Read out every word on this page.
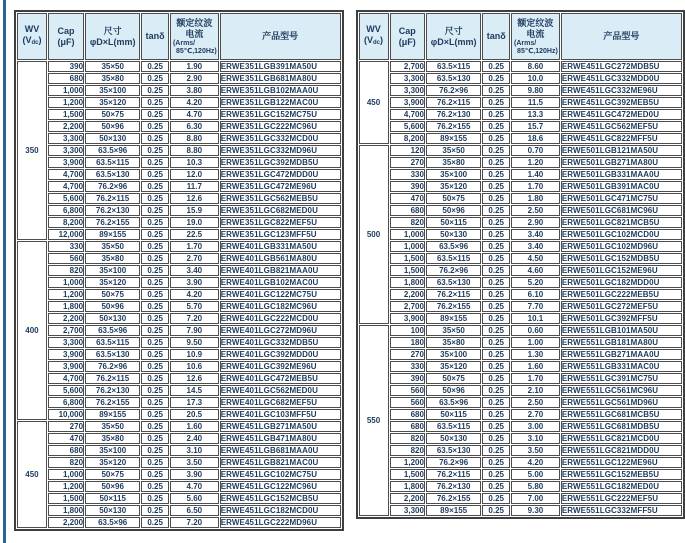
WV
$(V_{dc})$

Cap
(μF)

尺寸
φD×L(mm)

tanδ

额定纹波
电流
(Arms/
85℃,120Hz)

产品型号

350	390	35×50	0.25	1.90	ERWE351LGB391MA50U
	680	35×80	0.25	2.90	ERWE351LGB681MA80U
	1,000	35×100	0.25	3.80	ERWE351LGB102MAA0U
	1,200	35×120	0.25	4.20	ERWE351LGB122MAC0U
	1,500	50×75	0.25	4.70	ERWE351LGC152MC75U
	2,200	50×96	0.25	6.30	ERWE351LGC222MC96U
	3,300	50×130	0.25	8.80	ERWE351LGC332MCD0U
	3,300	63.5×96	0.25	8.80	ERWE351LGC332MD96U
	3,900	63.5×115	0.25	10.3	ERWE351LGC392MDB5U
	4,700	63.5×130	0.25	12.0	ERWE351LGC472MDD0U
	4,700	76.2×96	0.25	11.7	ERWE351LGC472ME96U
	5,600	76.2×115	0.25	12.6	ERWE351LGC562MEB5U
	6,800	76.2×130	0.25	15.9	ERWE351LGC682MED0U
	8,200	76.2×155	0.25	19.0	ERWE351LGC822MEF5U
	12,000	89×155	0.25	22.5	ERWE351LGC123MFF5U
400	330	35×50	0.25	1.70	ERWE401LGB331MA50U
	560	35×80	0.25	2.70	ERWE401LGB561MA80U
	820	35×100	0.25	3.40	ERWE401LGB821MAA0U
	1,000	35×120	0.25	3.90	ERWE401LGB102MAC0U
	1,200	50×75	0.25	4.20	ERWE401LGC122MC75U
	1,800	50×96	0.25	5.70	ERWE401LGC182MC96U
	2,200	50×130	0.25	7.20	ERWE401LGC222MCD0U
	2,700	63.5×96	0.25	7.90	ERWE401LGC272MD96U
	3,300	63.5×115	0.25	9.50	ERWE401LGC332MDB5U
	3,900	63.5×130	0.25	10.9	ERWE401LGC392MDD0U
	3,900	76.2×96	0.25	10.6	ERWE401LGC392ME96U
	4,700	76.2×115	0.25	12.6	ERWE401LGC472MEB5U
	5,600	76.2×130	0.25	14.5	ERWE401LGC562MED0U
	6,800	76.2×155	0.25	17.3	ERWE401LGC682MEF5U
	10,000	89×155	0.25	20.5	ERWE401LGC103MFF5U
450	270	35×50	0.25	1.60	ERWE451LGB271MA50U
	470	35×80	0.25	2.40	ERWE451LGB471MA80U
	680	35×100	0.25	3.10	ERWE451LGB681MAA0U
	820	35×120	0.25	3.50	ERWE451LGB821MAC0U
	1,000	50×75	0.25	3.90	ERWE451LGC102MC75U
	1,200	50×96	0.25	4.70	ERWE451LGC122MC96U
	1,500	50×115	0.25	5.60	ERWE451LGC152MCB5U
	1,800	50×130	0.25	6.50	ERWE451LGC182MCD0U
	2,200	63.5×96	0.25	7.20	ERWE451LGC222MD96U
WV
$(V_{dc})$

Cap
(μF)

尺寸
φD×L(mm)

tanδ

额定纹波
电流
(Arms/
85℃,120Hz)

产品型号

450	2,700	63.5×115	0.25	8.60	ERWE451LGC272MDB5U
	3,300	63.5×130	0.25	10.0	ERWE451LGC332MDD0U
	3,300	76.2×96	0.25	9.80	ERWE451LGC332ME96U
	3,900	76.2×115	0.25	11.5	ERWE451LGC392MEB5U
	4,700	76.2×130	0.25	13.3	ERWE451LGC472MED0U
	5,600	76.2×155	0.25	15.7	ERWE451LGC562MEF5U
	8,200	89×155	0.25	18.6	ERWE451LGC822MFF5U
500	120	35×50	0.25	0.70	ERWE501LGB121MA50U
	270	35×80	0.25	1.20	ERWE501LGB271MA80U
	330	35×100	0.25	1.40	ERWE501LGB331MAA0U
	390	35×120	0.25	1.70	ERWE501LGB391MAC0U
	470	50×75	0.25	1.80	ERWE501LGC471MC75U
	680	50×96	0.25	2.50	ERWE501LGC681MC96U
	820	50×115	0.25	2.90	ERWE501LGC821MCB5U
	1,000	50×130	0.25	3.40	ERWE501LGC102MCD0U
	1,000	63.5×96	0.25	3.40	ERWE501LGC102MD96U
	1,500	63.5×115	0.25	4.50	ERWE501LGC152MDB5U
	1,500	76.2×96	0.25	4.60	ERWE501LGC152ME96U
	1,800	63.5×130	0.25	5.20	ERWE501LGC182MDD0U
	2,200	76.2×115	0.25	6.10	ERWE501LGC222MEB5U
	2,700	76.2×155	0.25	7.70	ERWE501LGC272MEF5U
	3,900	89×155	0.25	10.1	ERWE501LGC392MFF5U
550	100	35×50	0.25	0.60	ERWE551LGB101MA50U
	180	35×80	0.25	1.00	ERWE551LGB181MA80U
	270	35×100	0.25	1.30	ERWE551LGB271MAA0U
	330	35×120	0.25	1.60	ERWE551LGB331MAC0U
	390	50×75	0.25	1.70	ERWE551LGC391MC75U
	560	50×96	0.25	2.10	ERWE551LGC561MC96U
	560	63.5×96	0.25	2.50	ERWE551LGC561MD96U
	680	50×115	0.25	2.70	ERWE551LGC681MCB5U
	680	63.5×115	0.25	3.00	ERWE551LGC681MDB5U
	820	50×130	0.25	3.10	ERWE551LGC821MCD0U
	820	63.5×130	0.25	3.50	ERWE551LGC821MDD0U
	1,200	76.2×96	0.25	4.20	ERWE551LGC122ME96U
	1,500	76.2×115	0.25	5.00	ERWE551LGC152MEB5U
	1,800	76.2×130	0.25	5.80	ERWE551LGC182MED0U
	2,200	76.2×155	0.25	7.00	ERWE551LGC222MEF5U
	3,300	89×155	0.25	9.30	ERWE551LGC332MFF5U
